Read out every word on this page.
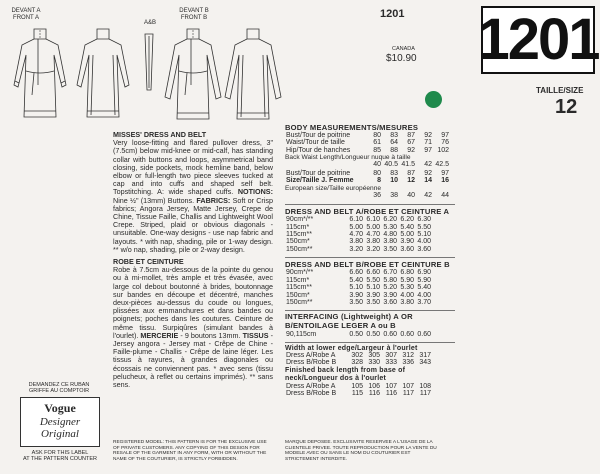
DEVANT A
FRONT A
A&B
DEVANT B
FRONT B	1201 1201
CANADA
$10.90
TAILLE/SIZE
12

MISSES' DRESS AND BELT

Very loose-fitting and flared pullover dress, 3" (7.5cm) below mid-knee or mid-calf, has standing collar with buttons and loops, asymmetrical band closing, side pockets, mock hemline band, below elbow or full-length two piece sleeves tucked at cap and into cuffs and shaped self belt. Topstitching. A: wide shaped cuffs. NOTIONS: Nine ½" (13mm) Buttons. FABRICS: Soft or Crisp fabrics; Angora Jersey, Matte Jersey, Crepe de Chine, Tissue Faille, Challis and Lightweight Wool Crepe. Striped, plaid or obvious diagonals - unsuitable. One-way designs - use nap fabric and layouts. * with nap, shading, pile or 1-way design. ** w/o nap, shading, pile or 2-way design.

ROBE ET CEINTURE

Robe à 7.5cm au-dessous de la pointe du genou ou à mi-mollet, très ample et très évasée, avec large col debout boutonné à brides, boutonnage sur bandes en découpe et décentré, manches deux-pièces au-dessus du coude ou longues, plissées aux emmanchures et dans bandes ou poignets; poches dans les coutures. Ceinture de même tissu. Surpiqûres (simulant bandes à l'ourlet). MERCERIE - 9 boutons 13mm. TISSUS - Jersey angora - Jersey mat - Crêpe de Chine - Faille-plume - Challis - Crêpe de laine léger. Les tissus à rayures, à grandes diagonales ou écossais ne conviennent pas. * avec sens (tissu pelucheux, à reflet ou certains imprimés). ** sans sens.

DEMANDEZ CE RUBAN
GRIFFE AU COMPTOIR
Vogue
Designer
Original
ASK FOR THIS LABEL
AT THE PATTERN COUNTER
REGISTERED MODEL: THIS PATTERN IS FOR THE EXCLUSIVE USE OF PRIVATE CUSTOMERS. ANY COPYING OF THIS DESIGN FOR RESALE OF THE GARMENT IN ANY FORM, WITH OR WITHOUT THE NAME OF THE COUTURIER, IS STRICTLY FORBIDDEN.
MARQUE DEPOSEE. EXCLUSIVITE RESERVEE A L'USAGE DE LA CLIENTELE PRIVEE. TOUTE REPRODUCTION POUR LA VENTE DU MODELE AVEC OU SANS LE NOM DU COUTURIER EST STRICTEMENT INTERDITE.
BODY MEASUREMENTS/MESURES
Bust/Tour de poitrine	80	83	87	92	97
Waist/Tour de taille	61	64	67	71	76
Hip/Tour de hanches	85	88	92	97	102
Back Waist Length/Longueur nuque à taille
	40	40.5	41.5	42	42.5
Bust/Tour de poitrine	80	83	87	92	97
Size/Taille J. Femme	8	10	12	14	16
European size/Taille européenne
	36	38	40	42	44
DRESS AND BELT A/ROBE ET CEINTURE A
90cm*/**	6.10	6.10	6.20	6.20	6.30
115cm*	5.00	5.00	5.30	5.40	5.50
115cm**	4.70	4.70	4.80	5.00	5.10
150cm*	3.80	3.80	3.80	3.90	4.00
150cm**	3.20	3.20	3.50	3.60	3.60
DRESS AND BELT B/ROBE ET CEINTURE B
90cm*/**	6.60	6.60	6.70	6.80	6.90
115cm*	5.40	5.50	5.80	5.90	5.90
115cm**	5.10	5.10	5.20	5.30	5.40
150cm*	3.90	3.90	3.90	4.00	4.00
150cm**	3.50	3.50	3.60	3.80	3.70
INTERFACING (Lightweight) A OR B/ENTOILAGE LEGER A ou B
90,115cm	0.50	0.50	0.60	0.60	0.60
Width at lower edge/Largeur à l'ourlet
Dress A/Robe A	302	305	307	312	317
Dress B/Robe B	328	330	333	336	343
Finished back length from base of neck/Longueur dos à l'ourlet
Dress A/Robe A	105	106	107	107	108
Dress B/Robe B	115	116	116	117	117
